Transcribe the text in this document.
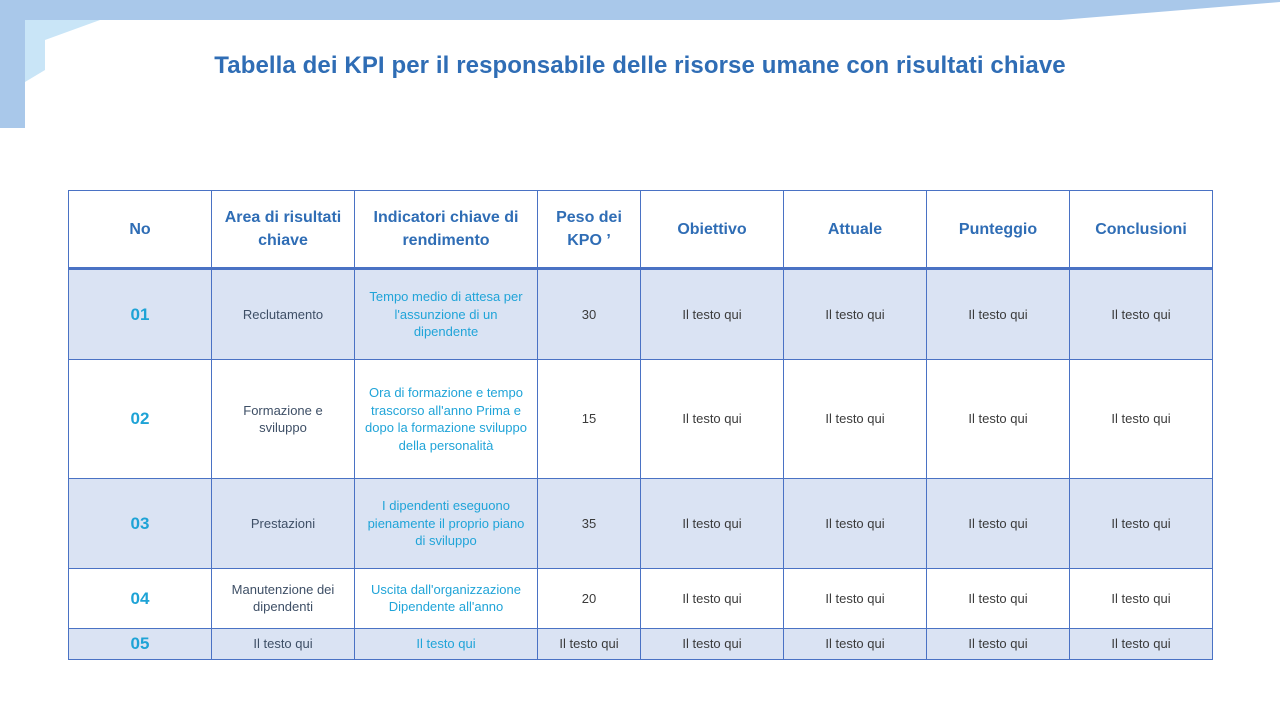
Tabella dei KPI per il responsabile delle risorse umane con risultati chiave
No	Area di risultati chiave	Indicatori chiave di rendimento	Peso dei KPO ’	Obiettivo	Attuale	Punteggio	Conclusioni
01	Reclutamento	Tempo medio di attesa per l'assunzione di un dipendente	30	Il testo qui	Il testo qui	Il testo qui	Il testo qui
02	Formazione e sviluppo	Ora di formazione e tempo trascorso all'anno Prima e dopo la formazione sviluppo della personalità	15	Il testo qui	Il testo qui	Il testo qui	Il testo qui
03	Prestazioni	I dipendenti eseguono pienamente il proprio piano di sviluppo	35	Il testo qui	Il testo qui	Il testo qui	Il testo qui
04	Manutenzione dei dipendenti	Uscita dall'organizzazione Dipendente all'anno	20	Il testo qui	Il testo qui	Il testo qui	Il testo qui
05	Il testo qui	Il testo qui	Il testo qui	Il testo qui	Il testo qui	Il testo qui	Il testo qui
